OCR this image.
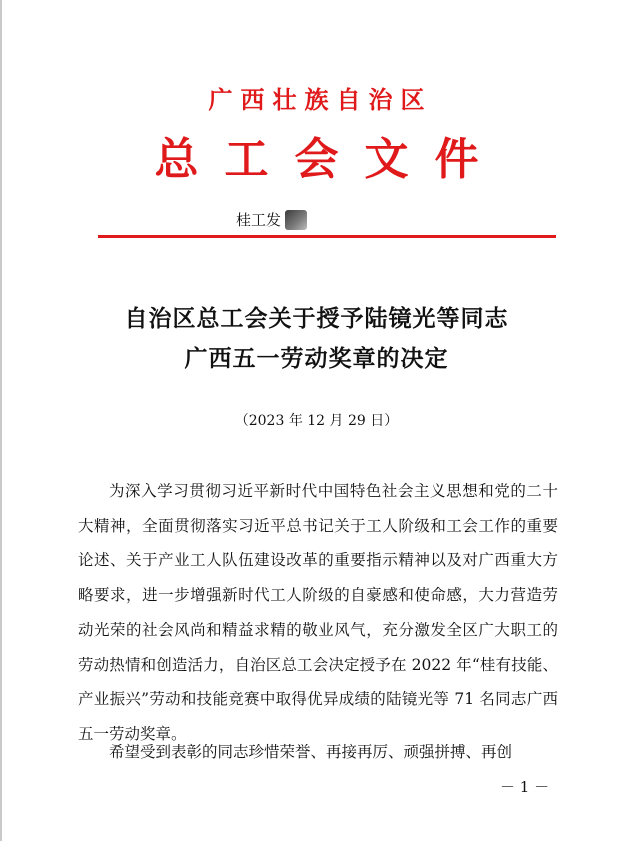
广西壮族自治区
总工会文件
桂工发
自治区总工会关于授予陆镜光等同志
广西五一劳动奖章的决定
（2023 年 12 月 29 日）

为深入学习贯彻习近平新时代中国特色社会主义思想和党的二十大精神，全面贯彻落实习近平总书记关于工人阶级和工会工作的重要论述、关于产业工人队伍建设改革的重要指示精神以及对广西重大方略要求，进一步增强新时代工人阶级的自豪感和使命感，大力营造劳动光荣的社会风尚和精益求精的敬业风气，充分激发全区广大职工的劳动热情和创造活力，自治区总工会决定授予在 2022 年“桂有技能、产业振兴”劳动和技能竞赛中取得优异成绩的陆镜光等 71 名同志广西五一劳动奖章。

希望受到表彰的同志珍惜荣誉、再接再厉、顽强拼搏、再创

－ 1 －
